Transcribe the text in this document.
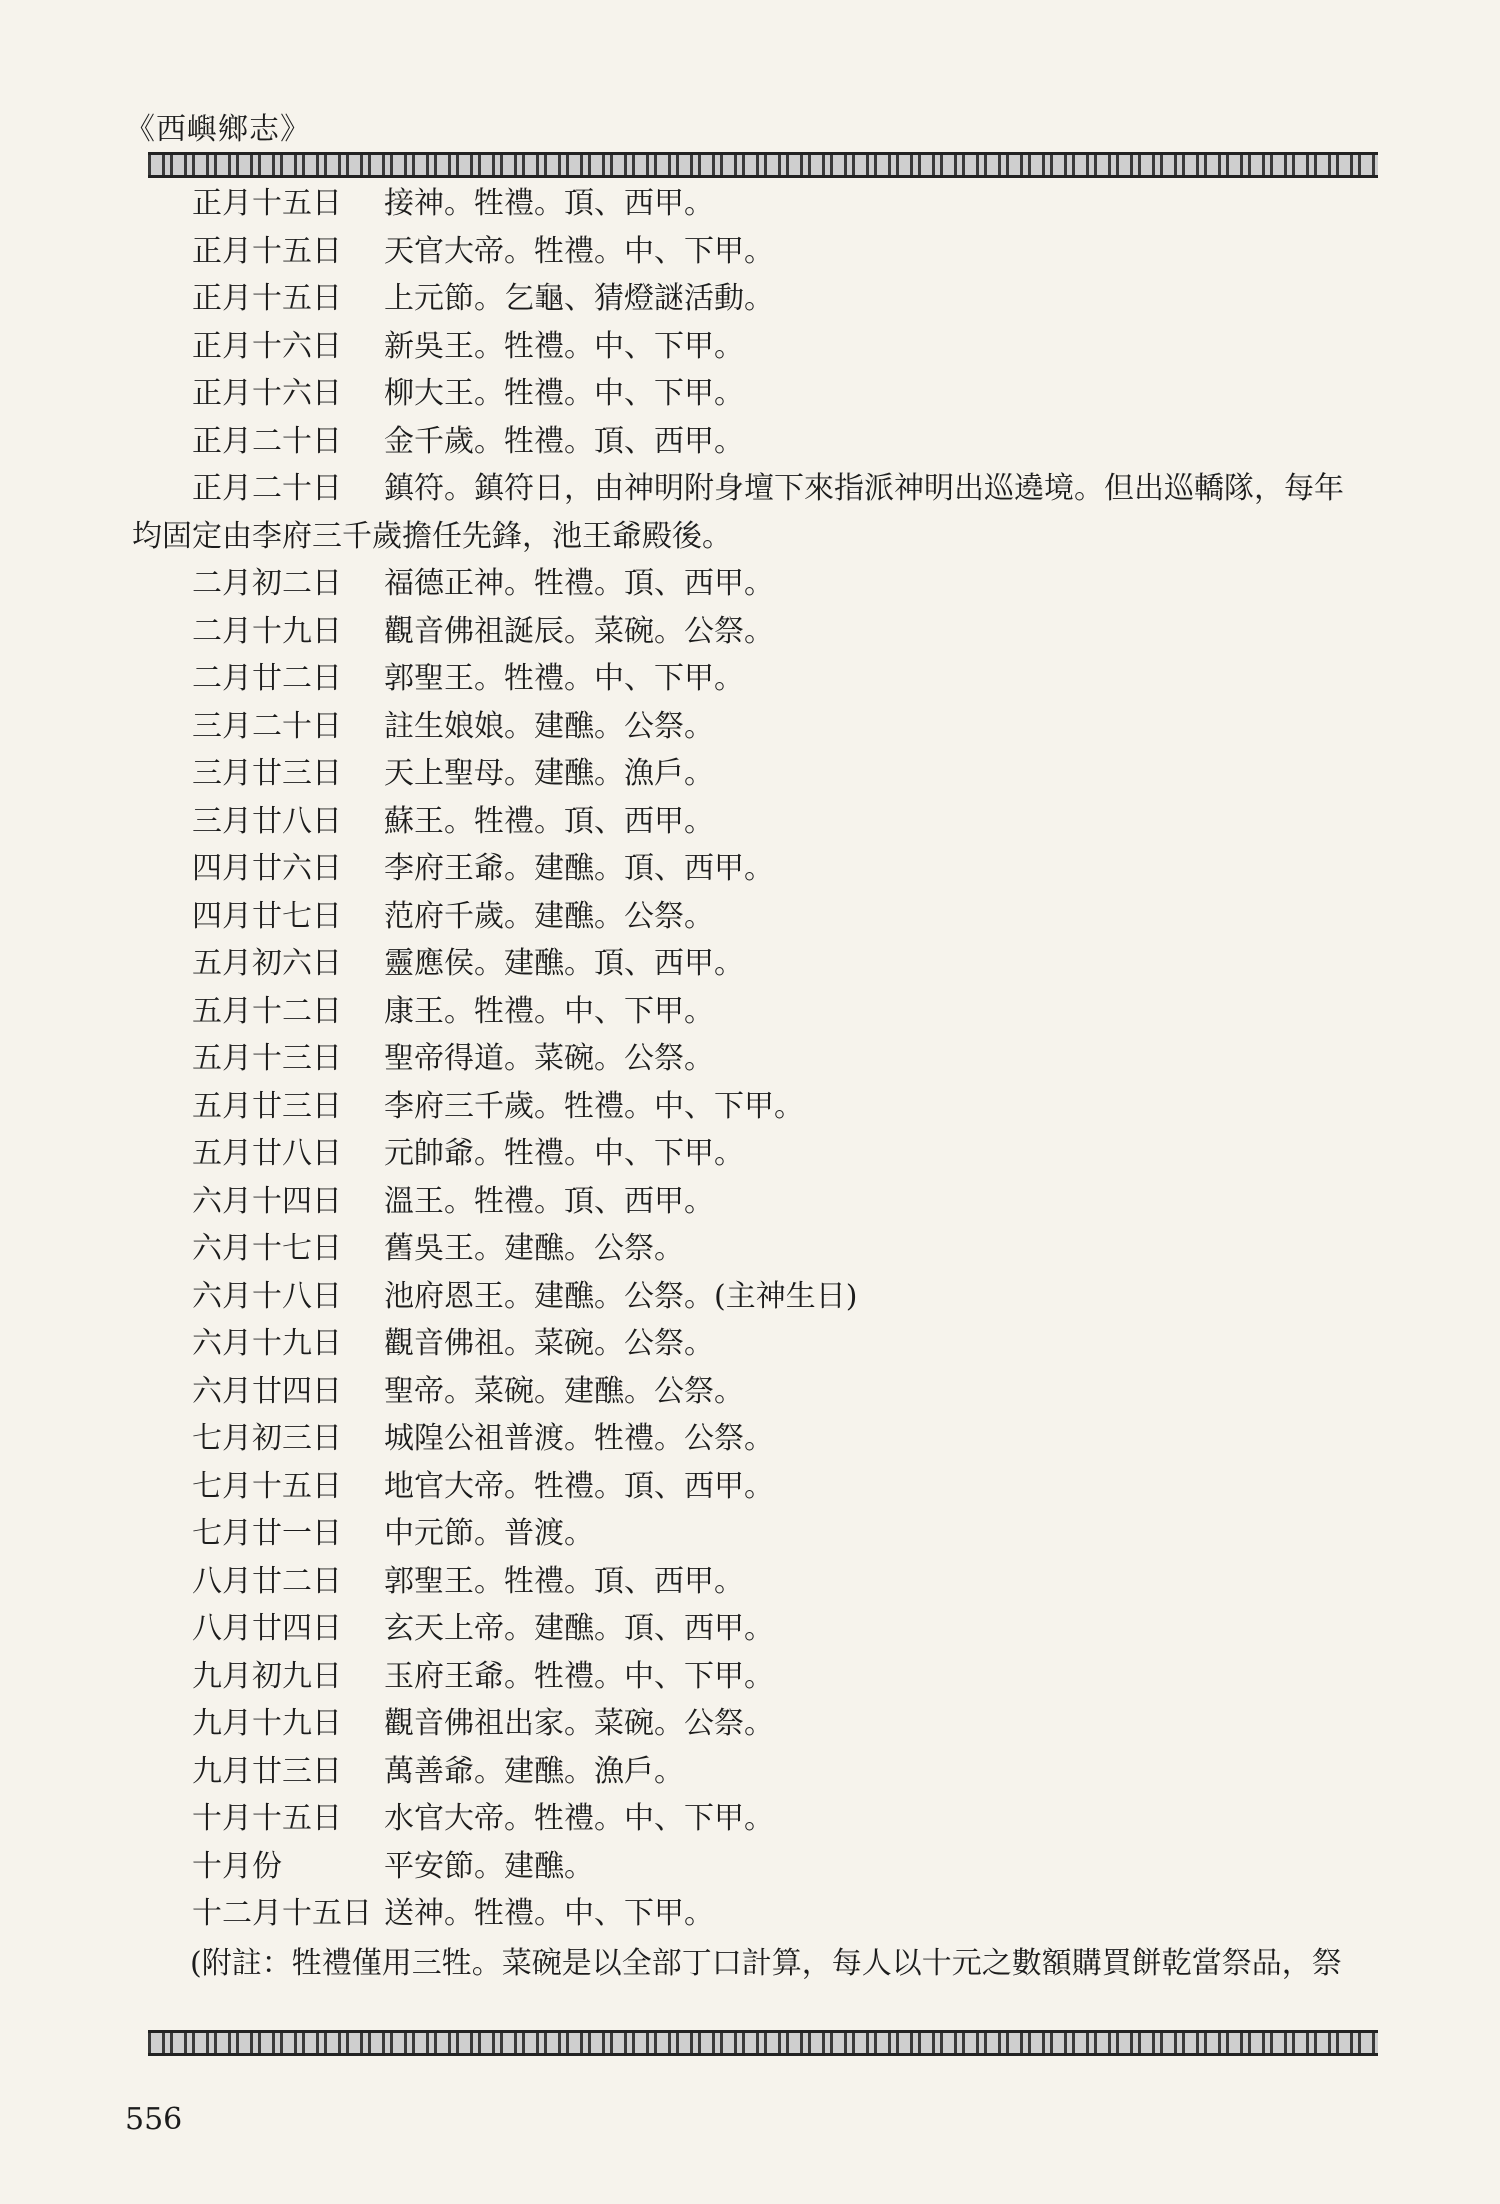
《西嶼鄉志》
正月十五日	接神。牲禮。頂、西甲。
正月十五日	天官大帝。牲禮。中、下甲。
正月十五日	上元節。乞龜、猜燈謎活動。
正月十六日	新吳王。牲禮。中、下甲。
正月十六日	柳大王。牲禮。中、下甲。
正月二十日	金千歲。牲禮。頂、西甲。
正月二十日	鎮符。鎮符日，由神明附身壇下來指派神明出巡遶境。但出巡轎隊，每年
均固定由李府三千歲擔任先鋒，池王爺殿後。
二月初二日	福德正神。牲禮。頂、西甲。
二月十九日	觀音佛祖誕辰。菜碗。公祭。
二月廿二日	郭聖王。牲禮。中、下甲。
三月二十日	註生娘娘。建醮。公祭。
三月廿三日	天上聖母。建醮。漁戶。
三月廿八日	蘇王。牲禮。頂、西甲。
四月廿六日	李府王爺。建醮。頂、西甲。
四月廿七日	范府千歲。建醮。公祭。
五月初六日	靈應侯。建醮。頂、西甲。
五月十二日	康王。牲禮。中、下甲。
五月十三日	聖帝得道。菜碗。公祭。
五月廿三日	李府三千歲。牲禮。中、下甲。
五月廿八日	元帥爺。牲禮。中、下甲。
六月十四日	溫王。牲禮。頂、西甲。
六月十七日	舊吳王。建醮。公祭。
六月十八日	池府恩王。建醮。公祭。(主神生日)
六月十九日	觀音佛祖。菜碗。公祭。
六月廿四日	聖帝。菜碗。建醮。公祭。
七月初三日	城隍公祖普渡。牲禮。公祭。
七月十五日	地官大帝。牲禮。頂、西甲。
七月廿一日	中元節。普渡。
八月廿二日	郭聖王。牲禮。頂、西甲。
八月廿四日	玄天上帝。建醮。頂、西甲。
九月初九日	玉府王爺。牲禮。中、下甲。
九月十九日	觀音佛祖出家。菜碗。公祭。
九月廿三日	萬善爺。建醮。漁戶。
十月十五日	水官大帝。牲禮。中、下甲。
十月份	平安節。建醮。
十二月十五日 送神。牲禮。中、下甲。
(附註：牲禮僅用三牲。菜碗是以全部丁口計算，每人以十元之數額購買餅乾當祭品，祭
556
